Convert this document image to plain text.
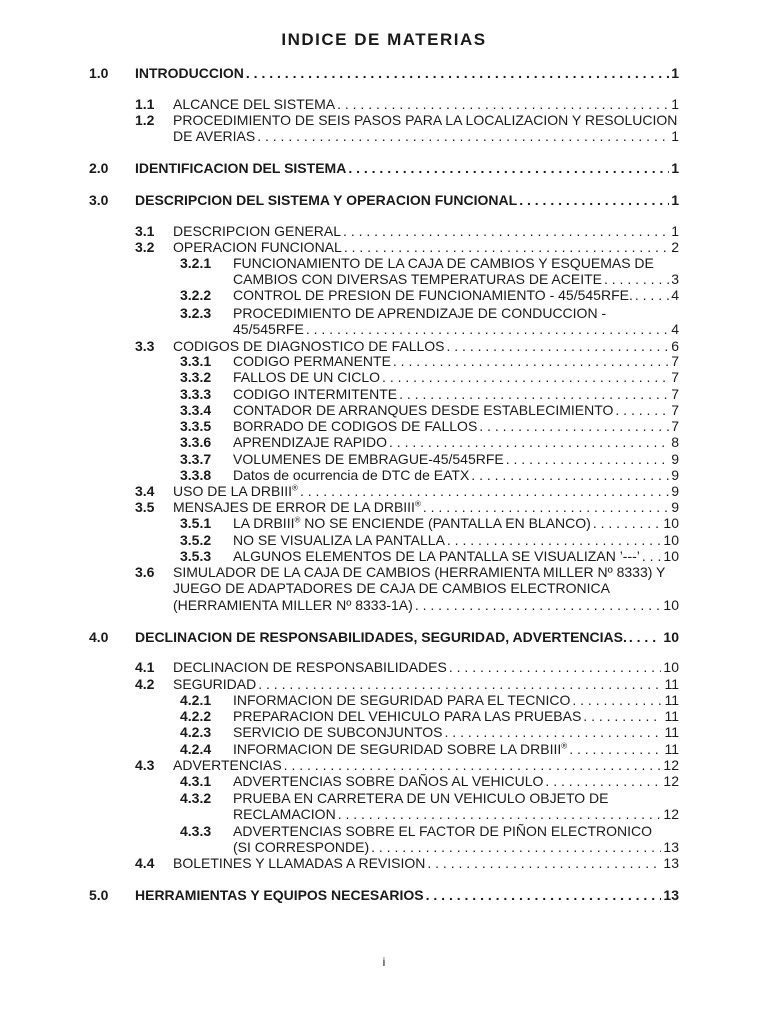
INDICE DE MATERIAS
1.0 INTRODUCCION . . .	1
1.1 ALCANCE DEL SISTEMA . . .	1
1.2 PROCEDIMIENTO DE SEIS PASOS PARA LA LOCALIZACION Y RESOLUCION
DE AVERIAS . . .	1
2.0 IDENTIFICACION DEL SISTEMA . . .	1
3.0 DESCRIPCION DEL SISTEMA Y OPERACION FUNCIONAL . . .	1
3.1 DESCRIPCION GENERAL . . .	1
3.2 OPERACION FUNCIONAL . . .	2
3.2.1 FUNCIONAMIENTO DE LA CAJA DE CAMBIOS Y ESQUEMAS DE
CAMBIOS CON DIVERSAS TEMPERATURAS DE ACEITE . . .	3
3.2.2 CONTROL DE PRESION DE FUNCIONAMIENTO - 45/545RFE. . . .	4
3.2.3 PROCEDIMIENTO DE APRENDIZAJE DE CONDUCCION -
45/545RFE . . .	4
3.3 CODIGOS DE DIAGNOSTICO DE FALLOS . . .	6
3.3.1 CODIGO PERMANENTE . . .	7
3.3.2 FALLOS DE UN CICLO . . .	7
3.3.3 CODIGO INTERMITENTE . . .	7
3.3.4 CONTADOR DE ARRANQUES DESDE ESTABLECIMIENTO . . .	7
3.3.5 BORRADO DE CODIGOS DE FALLOS . . .	7
3.3.6 APRENDIZAJE RAPIDO . . .	8
3.3.7 VOLUMENES DE EMBRAGUE-45/545RFE . . .	9
3.3.8 Datos de ocurrencia de DTC de EATX . . .	9
3.4 USO DE LA DRBIII® . . .	9
3.5 MENSAJES DE ERROR DE LA DRBIII® . . .	9
3.5.1 LA DRBIII® NO SE ENCIENDE (PANTALLA EN BLANCO) . . .	10
3.5.2 NO SE VISUALIZA LA PANTALLA . . .	10
3.5.3 ALGUNOS ELEMENTOS DE LA PANTALLA SE VISUALIZAN ’---’ . . . 10
3.6 SIMULADOR DE LA CAJA DE CAMBIOS (HERRAMIENTA MILLER Nº 8333) Y
JUEGO DE ADAPTADORES DE CAJA DE CAMBIOS ELECTRONICA
(HERRAMIENTA MILLER Nº 8333-1A) . . .	10
4.0 DECLINACION DE RESPONSABILIDADES, SEGURIDAD, ADVERTENCIAS. . . .	10
4.1 DECLINACION DE RESPONSABILIDADES . . .	10
4.2 SEGURIDAD . . .	11
4.2.1 INFORMACION DE SEGURIDAD PARA EL TECNICO . . .	11
4.2.2 PREPARACION DEL VEHICULO PARA LAS PRUEBAS . . .	11
4.2.3 SERVICIO DE SUBCONJUNTOS . . .	11
4.2.4 INFORMACION DE SEGURIDAD SOBRE LA DRBIII® . . .	11
4.3 ADVERTENCIAS . . .	12
4.3.1 ADVERTENCIAS SOBRE DAÑOS AL VEHICULO . . .	12
4.3.2 PRUEBA EN CARRETERA DE UN VEHICULO OBJETO DE
RECLAMACION . . .	12
4.3.3 ADVERTENCIAS SOBRE EL FACTOR DE PIÑON ELECTRONICO
(SI CORRESPONDE) . . .	13
4.4 BOLETINES Y LLAMADAS A REVISION . . .	13
5.0 HERRAMIENTAS Y EQUIPOS NECESARIOS . . .	13
i
